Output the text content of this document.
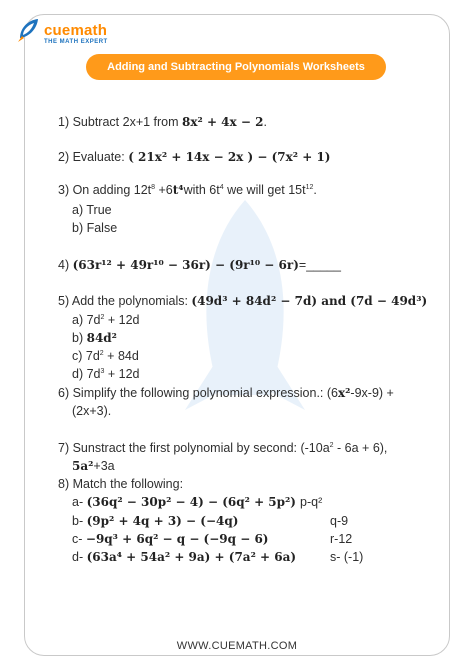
cuemath
THE MATH EXPERT
Adding and Subtracting Polynomials Worksheets
1) Subtract 2x+1 from 8x² + 4x − 2.
2) Evaluate: ( 21x² + 14x − 2x ) − (7x² + 1)
3) On adding $12t^8$ +6t⁴with $6t^4$ we will get $15t^{12}$.
a) True
b) False
4) (63r¹² + 49r¹⁰ − 36r) − (9r¹⁰ − 6r)=_____
5) Add the polynomials: (49d³ + 84d² − 7d) and (7d − 49d³)
a) $7d^2 + 12d$
b) 84d²
c) $7d^2 + 84d$
d) $7d^3 + 12d$
6) Simplify the following polynomial expression.: (6x²-9x-9) +
(2x+3).
7) Sunstract the first polynomial by second: $(-10a^2 - 6a + 6)$,
5a²+3a
8) Match the following:
a- (36q² − 30p² − 4) − (6q² + 5p²) p-q²
b- (9p² + 4q + 3) − (−4q)	q-9
c- −9q³ + 6q² − q − (−9q − 6)	r-12
d- (63a⁴ + 54a² + 9a) + (7a² + 6a)	s- (-1)
WWW.CUEMATH.COM
